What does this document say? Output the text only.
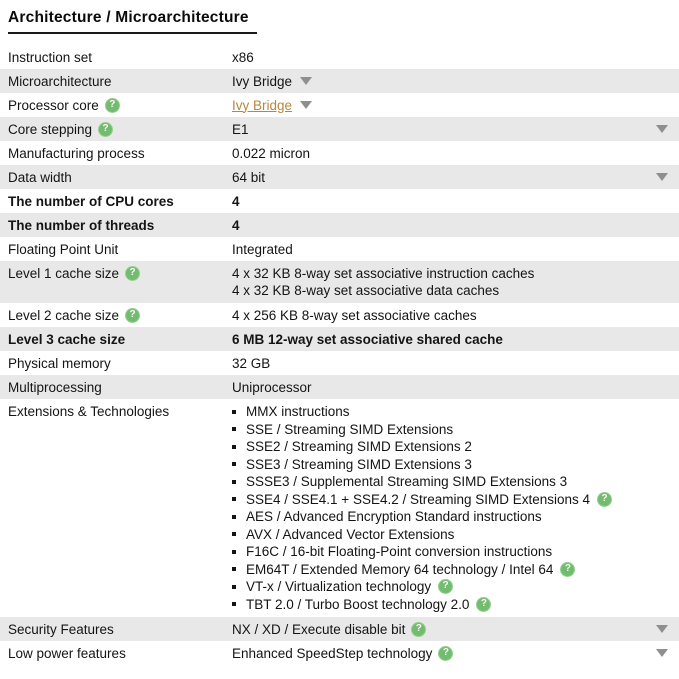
Architecture / Microarchitecture
Instruction set	x86
Microarchitecture	Ivy Bridge
Processor core	?	Ivy Bridge
Core stepping	?	E1
Manufacturing process	0.022 micron
Data width	64 bit
The number of CPU cores	4
The number of threads	4
Floating Point Unit	Integrated
Level 1 cache size	?	4 x 32 KB 8-way set associative instruction caches
4 x 32 KB 8-way set associative data caches
Level 2 cache size	?	4 x 256 KB 8-way set associative caches
Level 3 cache size	6 MB 12-way set associative shared cache
Physical memory	32 GB
Multiprocessing	Uniprocessor
Extensions & Technologies	MMX instructions
SSE / Streaming SIMD Extensions
SSE2 / Streaming SIMD Extensions 2
SSE3 / Streaming SIMD Extensions 3
SSSE3 / Supplemental Streaming SIMD Extensions 3
SSE4 / SSE4.1 + SSE4.2 / Streaming SIMD Extensions 4	?
AES / Advanced Encryption Standard instructions
AVX / Advanced Vector Extensions
F16C / 16-bit Floating-Point conversion instructions
EM64T / Extended Memory 64 technology / Intel 64	?
VT-x / Virtualization technology	?
TBT 2.0 / Turbo Boost technology 2.0	?
Security Features	NX / XD / Execute disable bit	?
Low power features	Enhanced SpeedStep technology	?
